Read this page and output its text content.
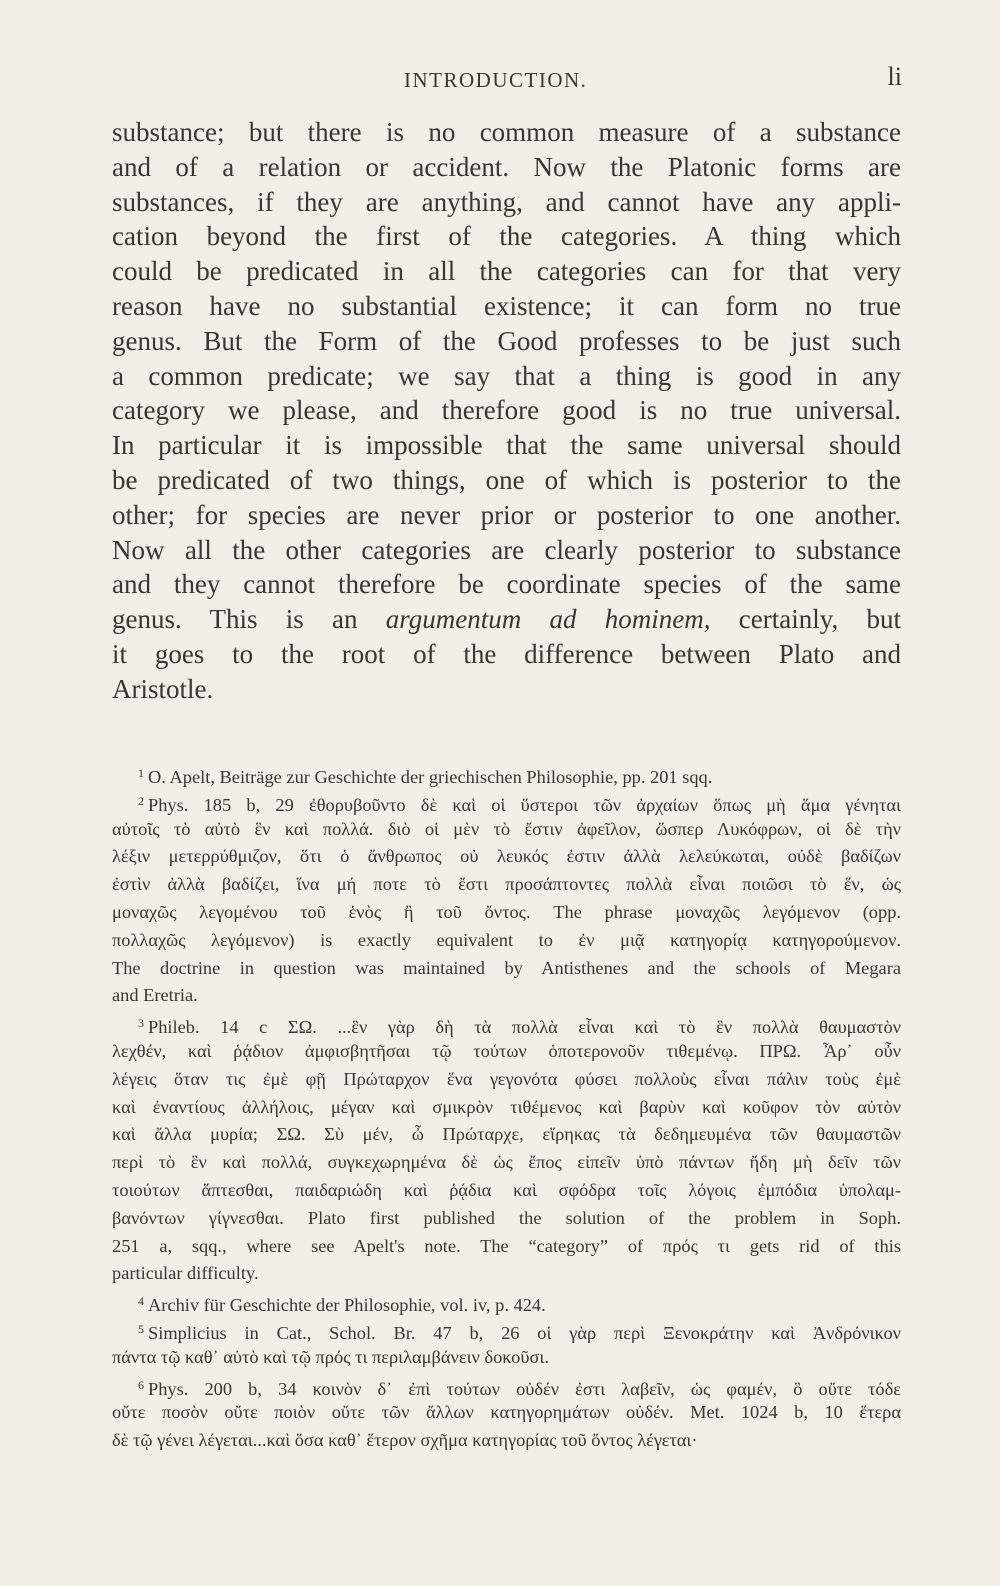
INTRODUCTION.	li
substance; but there is no common measure of a substance
and of a relation or accident. Now the Platonic forms are
substances, if they are anything, and cannot have any appli-
cation beyond the first of the categories. A thing which
could be predicated in all the categories can for that very
reason have no substantial existence; it can form no true
genus. But the Form of the Good professes to be just such
a common predicate; we say that a thing is good in any
category we please, and therefore good is no true universal.
In particular it is impossible that the same universal should
be predicated of two things, one of which is posterior to the
other; for species are never prior or posterior to one another.
Now all the other categories are clearly posterior to substance
and they cannot therefore be coordinate species of the same
genus. This is an argumentum ad hominem, certainly, but
it goes to the root of the difference between Plato and
Aristotle.
$^1$ O. Apelt, Beiträge zur Geschichte der griechischen Philosophie, pp. 201 sqq.
$^2$ Phys. 185 b, 29 ἐθορυβοῦντο δὲ καὶ οἱ ὕστεροι τῶν ἀρχαίων ὅπως μὴ ἅμα γένηται
αὐτοῖς τὸ αὐτὸ ἓν καὶ πολλά. διὸ οἱ μὲν τὸ ἔστιν ἀφεῖλον, ὥσπερ Λυκόφρων, οἱ δὲ τὴν
λέξιν μετερρύθμιζον, ὅτι ὁ ἄνθρωπος οὐ λευκός ἐστιν ἀλλὰ λελεύκωται, οὐδὲ βαδίζων
ἐστὶν ἀλλὰ βαδίζει, ἵνα μή ποτε τὸ ἔστι προσάπτοντες πολλὰ εἶναι ποιῶσι τὸ ἕν, ὡς
μοναχῶς λεγομένου τοῦ ἑνὸς ἢ τοῦ ὄντος. The phrase μοναχῶς λεγόμενον (opp.
πολλαχῶς λεγόμενον) is exactly equivalent to ἐν μιᾷ κατηγορίᾳ κατηγορούμενον.
The doctrine in question was maintained by Antisthenes and the schools of Megara
and Eretria.
$^3$ Phileb. 14 c ΣΩ. ...ἓν γὰρ δὴ τὰ πολλὰ εἶναι καὶ τὸ ἓν πολλὰ θαυμαστὸν
λεχθέν, καὶ ῥᾴδιον ἀμφισβητῆσαι τῷ τούτων ὁποτερονοῦν τιθεμένῳ. ΠΡΩ. Ἆρ᾽ οὖν
λέγεις ὅταν τις ἐμὲ φῇ Πρώταρχον ἕνα γεγονότα φύσει πολλοὺς εἶναι πάλιν τοὺς ἐμὲ
καὶ ἐναντίους ἀλλήλοις, μέγαν καὶ σμικρὸν τιθέμενος καὶ βαρὺν καὶ κοῦφον τὸν αὐτὸν
καὶ ἄλλα μυρία; ΣΩ. Σὺ μέν, ὦ Πρώταρχε, εἴρηκας τὰ δεδημευμένα τῶν θαυμαστῶν
περὶ τὸ ἓν καὶ πολλά, συγκεχωρημένα δὲ ὡς ἔπος εἰπεῖν ὑπὸ πάντων ἤδη μὴ δεῖν τῶν
τοιούτων ἅπτεσθαι, παιδαριώδη καὶ ῥᾴδια καὶ σφόδρα τοῖς λόγοις ἐμπόδια ὑπολαμ-
βανόντων γίγνεσθαι. Plato first published the solution of the problem in Soph.
251 a, sqq., where see Apelt's note. The “category” of πρός τι gets rid of this
particular difficulty.
$^4$ Archiv für Geschichte der Philosophie, vol. iv, p. 424.
$^5$ Simplicius in Cat., Schol. Br. 47 b, 26 οἱ γὰρ περὶ Ξενοκράτην καὶ Ἀνδρόνικον
πάντα τῷ καθ᾽ αὑτὸ καὶ τῷ πρός τι περιλαμβάνειν δοκοῦσι.
$^6$ Phys. 200 b, 34 κοινὸν δ᾽ ἐπὶ τούτων οὐδέν ἐστι λαβεῖν, ὡς φαμέν, ὃ οὔτε τόδε
οὔτε ποσὸν οὔτε ποιὸν οὔτε τῶν ἄλλων κατηγορημάτων οὐδέν. Met. 1024 b, 10 ἕτερα
δὲ τῷ γένει λέγεται...καὶ ὅσα καθ᾽ ἕτερον σχῆμα κατηγορίας τοῦ ὄντος λέγεται·
